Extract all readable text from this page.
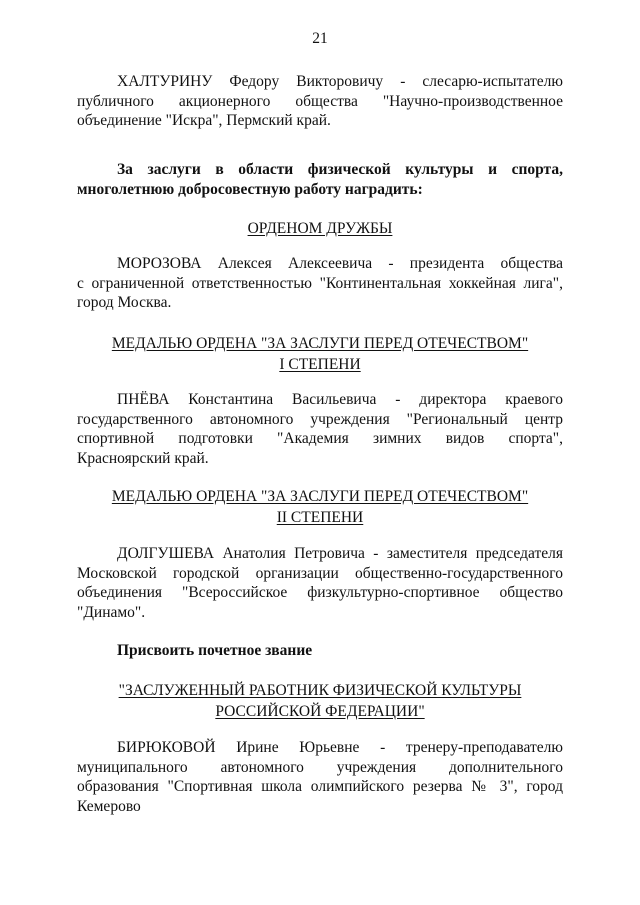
21
ХАЛТУРИНУ Федору Викторовичу - слесарю-испытателю
публичного акционерного общества "Научно-производственное
объединение "Искра", Пермский край.
За заслуги в области физической культуры и спорта,
многолетнюю добросовестную работу наградить:
ОРДЕНОМ ДРУЖБЫ
МОРОЗОВА Алексея Алексеевича - президента общества
с ограниченной ответственностью "Континентальная хоккейная лига",
город Москва.
МЕДАЛЬЮ ОРДЕНА "ЗА ЗАСЛУГИ ПЕРЕД ОТЕЧЕСТВОМ"
I СТЕПЕНИ
ПНЁВА Константина Васильевича - директора краевого
государственного автономного учреждения "Региональный центр
спортивной подготовки "Академия зимних видов спорта",
Красноярский край.
МЕДАЛЬЮ ОРДЕНА "ЗА ЗАСЛУГИ ПЕРЕД ОТЕЧЕСТВОМ"
II СТЕПЕНИ
ДОЛГУШЕВА Анатолия Петровича - заместителя председателя
Московской городской организации общественно-государственного
объединения "Всероссийское физкультурно-спортивное общество
"Динамо".
Присвоить почетное звание
"ЗАСЛУЖЕННЫЙ РАБОТНИК ФИЗИЧЕСКОЙ КУЛЬТУРЫ
РОССИЙСКОЙ ФЕДЕРАЦИИ"
БИРЮКОВОЙ Ирине Юрьевне - тренеру-преподавателю
муниципального автономного учреждения дополнительного
образования "Спортивная школа олимпийского резерва № 3", город
Кемерово
